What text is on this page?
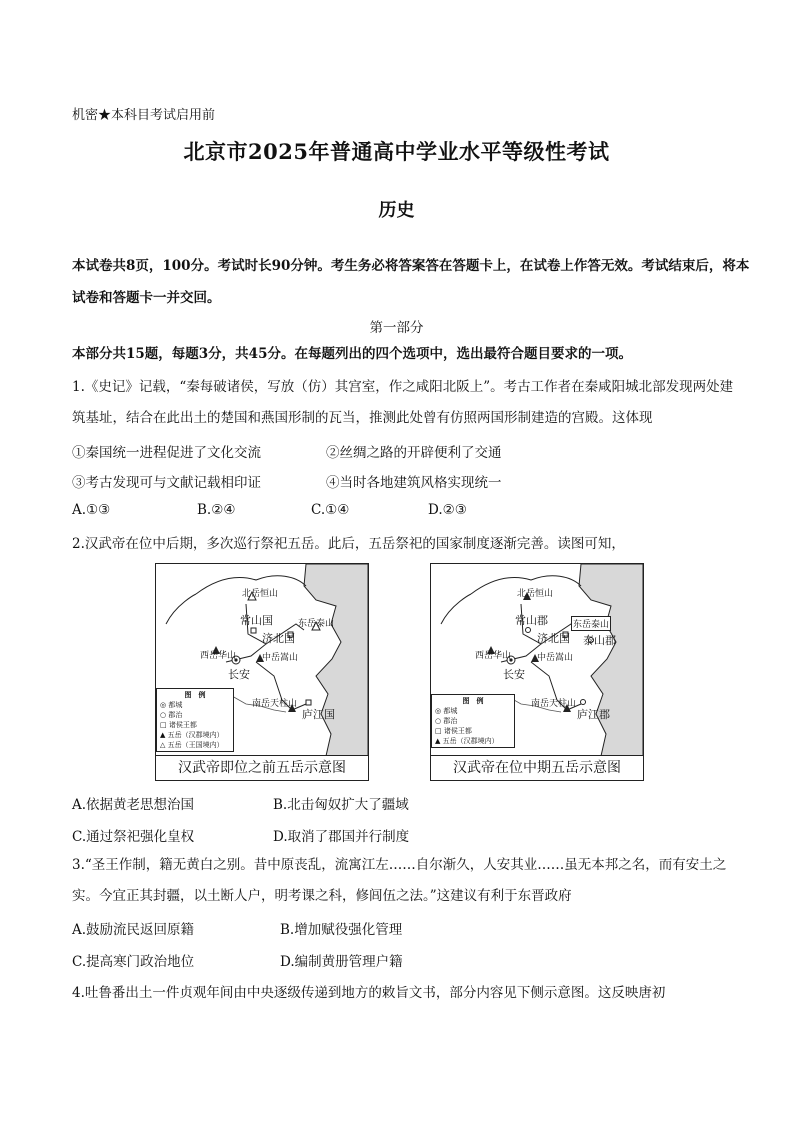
机密★本科目考试启用前
北京市2025年普通高中学业水平等级性考试
历史
本试卷共8页，100分。考试时长90分钟。考生务必将答案答在答题卡上，在试卷上作答无效。考试结束后，将本试卷和答题卡一并交回。
第一部分
本部分共15题，每题3分，共45分。在每题列出的四个选项中，选出最符合题目要求的一项。
1.《史记》记载，“秦每破诸侯，写放（仿）其宫室，作之咸阳北阪上”。考古工作者在秦咸阳城北部发现两处建筑基址，结合在此出土的楚国和燕国形制的瓦当，推测此处曾有仿照两国形制建造的宫殿。这体现
①秦国统一进程促进了文化交流	②丝绸之路的开辟便利了交通
③考古发现可与文献记载相印证	④当时各地建筑风格实现统一
A.①③	B.②④	C.①④	D.②③
2.汉武帝在位中后期，多次巡行祭祀五岳。此后，五岳祭祀的国家制度逐渐完善。读图可知，
北岳恒山
常山国
济北国
东岳泰山
西岳华山
长安
中岳嵩山
南岳天柱山
庐江国
图　例
◎ 都城
○ 郡治
□ 诸侯王都
▲ 五岳（汉郡境内）
△ 五岳（王国境内）
汉武帝即位之前五岳示意图
北岳恒山
常山郡
济北国
东岳泰山
泰山郡
西岳华山
长安
中岳嵩山
南岳天柱山
庐江郡
图　例
◎ 都城
○ 郡治
□ 诸侯王都
▲ 五岳（汉郡境内）
汉武帝在位中期五岳示意图
A.依据黄老思想治国	B.北击匈奴扩大了疆域
C.通过祭祀强化皇权	D.取消了郡国并行制度
3.“圣王作制，籍无黄白之别。昔中原丧乱，流寓江左……自尔渐久，人安其业……虽无本邦之名，而有安土之实。今宜正其封疆，以土断人户，明考课之科，修闾伍之法。”这建议有利于东晋政府
A.鼓励流民返回原籍	B.增加赋役强化管理
C.提高寒门政治地位	D.编制黄册管理户籍
4.吐鲁番出土一件贞观年间由中央逐级传递到地方的敕旨文书，部分内容见下侧示意图。这反映唐初
